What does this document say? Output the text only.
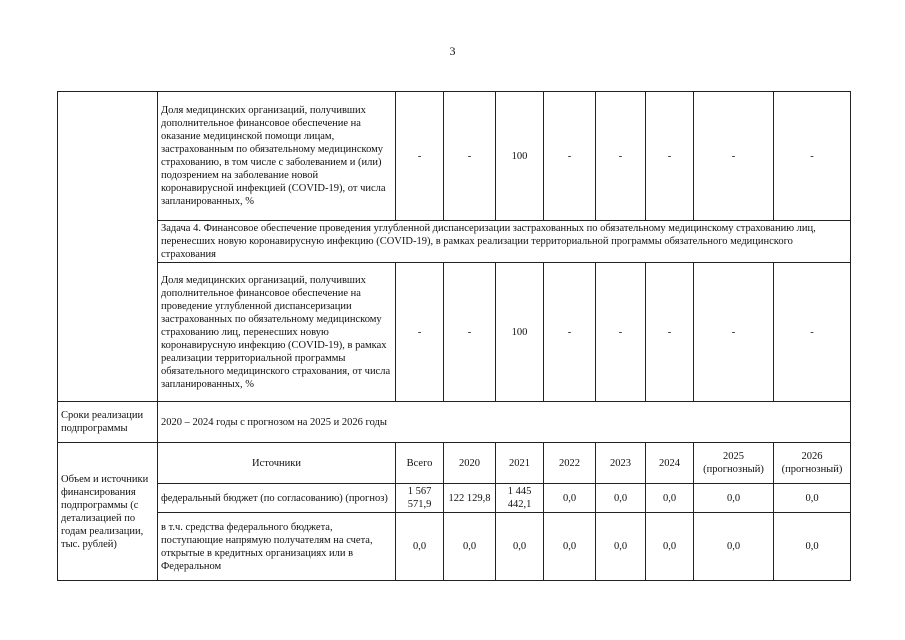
3
	Доля медицинских организаций, получивших дополнительное финансовое обеспечение на оказание медицинской помощи лицам, застрахованным по обязательному медицинскому страхованию, в том числе с заболеванием и (или) подозрением на заболевание новой коронавирусной инфекцией (COVID-19), от числа запланированных, %	-	-	100	-	-	-	-	-
	Задача 4. Финансовое обеспечение проведения углубленной диспансеризации застрахованных по обязательному медицинскому страхованию лиц, перенесших новую коронавирусную инфекцию (COVID-19), в рамках реализации территориальной программы обязательного медицинского страхования								
	Доля медицинских организаций, получивших дополнительное финансовое обеспечение на проведение углубленной диспансеризации застрахованных по обязательному медицинскому страхованию лиц, перенесших новую коронавирусную инфекцию (COVID-19), в рамках реализации территориальной программы обязательного медицинского страхования, от числа запланированных, %	-	-	100	-	-	-	-	-
Сроки реализации подпрограммы	2020 – 2024 годы с прогнозом на 2025 и 2026 годы								
Объем и источники финансирования подпрограммы (с детализацией по годам реализации, тыс. рублей)	Источники	Всего	2020	2021	2022	2023	2024	2025 (прогнозный)	2026 (прогнозный)
	федеральный бюджет (по согласованию) (прогноз)	1 567 571,9	122 129,8	1 445 442,1	0,0	0,0	0,0	0,0	0,0
	в т.ч. средства федерального бюджета, поступающие напрямую получателям на счета, открытые в кредитных организациях или в Федеральном	0,0	0,0	0,0	0,0	0,0	0,0	0,0	0,0
